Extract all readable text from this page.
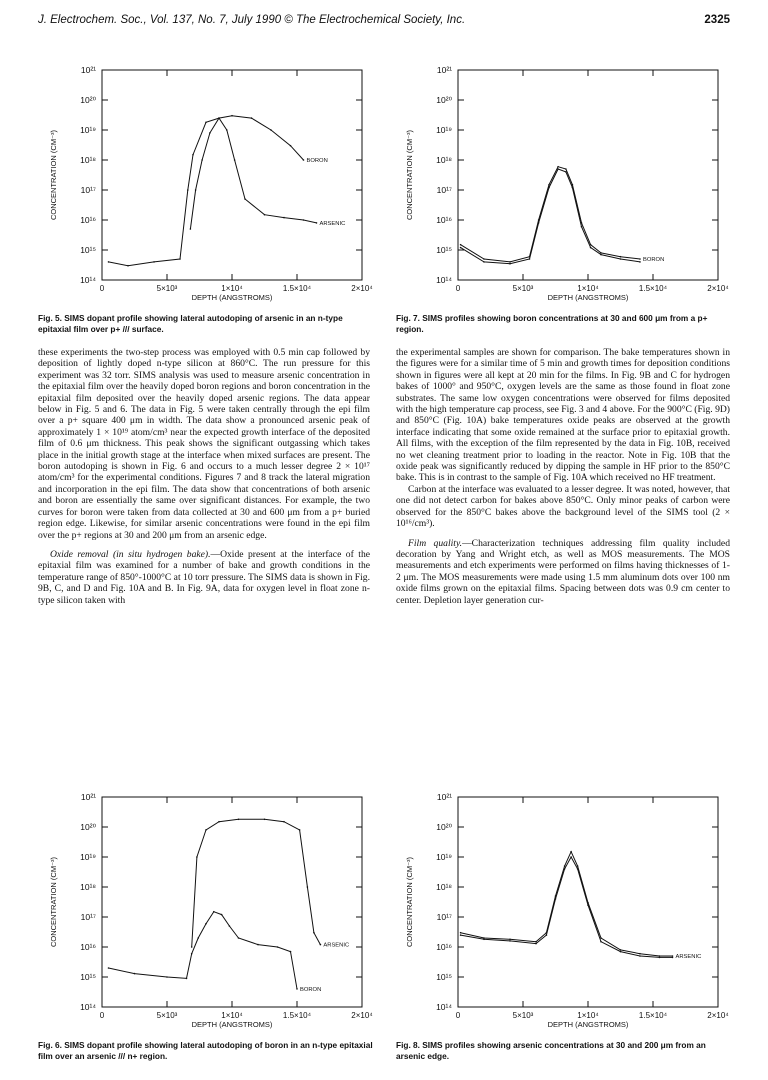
J. Electrochem. Soc., Vol. 137, No. 7, July 1990 © The Electrochemical Society, Inc.	2325
10¹⁴
10¹⁵
10¹⁶
10¹⁷
10¹⁸
10¹⁹
10²⁰
10²¹
0	5×10³	1×10⁴	1.5×10⁴	2×10⁴
DEPTH (ANGSTROMS)
CONCENTRATION (CM⁻³)	BORON
ARSENIC
Fig. 5. SIMS dopant profile showing lateral autodoping of arsenic in an n-type epitaxial film over p+ /// surface.
10¹⁴
10¹⁵
10¹⁶
10¹⁷
10¹⁸
10¹⁹
10²⁰
10²¹
0	5×10³	1×10⁴	1.5×10⁴	2×10⁴
DEPTH (ANGSTROMS)
CONCENTRATION (CM⁻³)
BORON
Fig. 7. SIMS profiles showing boron concentrations at 30 and 600 μm from a p+ region.

these experiments the two-step process was employed with 0.5 min cap followed by deposition of lightly doped n-type silicon at 860°C. The run pressure for this experiment was 32 torr. SIMS analysis was used to measure arsenic concentration in the epitaxial film over the heavily doped boron regions and boron concentration in the epitaxial film deposited over the heavily doped arsenic regions. The data appear below in Fig. 5 and 6. The data in Fig. 5 were taken centrally through the epi film over a p+ square 400 μm in width. The data show a pronounced arsenic peak of approximately 1 × 10¹⁹ atom/cm³ near the expected growth interface of the deposited film of 0.6 μm thickness. This peak shows the significant outgassing which takes place in the initial growth stage at the interface when mixed surfaces are present. The boron autodoping is shown in Fig. 6 and occurs to a much lesser degree 2 × 10¹⁷ atom/cm³ for the experimental conditions. Figures 7 and 8 track the lateral migration and incorporation in the epi film. The data show that concentrations of both arsenic and boron are essentially the same over significant distances. For example, the two curves for boron were taken from data collected at 30 and 600 μm from a p+ buried region edge. Likewise, for similar arsenic concentrations were found in the epi film over the p+ regions at 30 and 200 μm from an arsenic edge.

Oxide removal (in situ hydrogen bake).—Oxide present at the interface of the epitaxial film was examined for a number of bake and growth conditions in the temperature range of 850°-1000°C at 10 torr pressure. The SIMS data is shown in Fig. 9B, C, and D and Fig. 10A and B. In Fig. 9A, data for oxygen level in float zone n-type silicon taken with

the experimental samples are shown for comparison. The bake temperatures shown in the figures were for a similar time of 5 min and growth times for deposition conditions shown in figures were all kept at 20 min for the films. In Fig. 9B and C for hydrogen bakes of 1000° and 950°C, oxygen levels are the same as those found in float zone substrates. The same low oxygen concentrations were observed for films deposited with the high temperature cap process, see Fig. 3 and 4 above. For the 900°C (Fig. 9D) and 850°C (Fig. 10A) bake temperatures oxide peaks are observed at the growth interface indicating that some oxide remained at the surface prior to epitaxial growth. All films, with the exception of the film represented by the data in Fig. 10B, received no wet cleaning treatment prior to loading in the reactor. Note in Fig. 10B that the oxide peak was significantly reduced by dipping the sample in HF prior to the 850°C bake. This is in contrast to the sample of Fig. 10A which received no HF treatment.

Carbon at the interface was evaluated to a lesser degree. It was noted, however, that one did not detect carbon for bakes above 850°C. Only minor peaks of carbon were observed for the 850°C bakes above the background level of the SIMS tool (2 × 10¹⁶/cm³).

Film quality.—Characterization techniques addressing film quality included decoration by Yang and Wright etch, as well as MOS measurements. The MOS measurements and etch experiments were performed on films having thicknesses of 1-2 μm. The MOS measurements were made using 1.5 mm aluminum dots over 100 nm oxide films grown on the epitaxial films. Spacing between dots was 0.9 cm center to center. Depletion layer generation cur-

10¹⁴
10¹⁵
10¹⁶
10¹⁷
10¹⁸
10¹⁹
10²⁰
10²¹
0	5×10³	1×10⁴	1.5×10⁴	2×10⁴
DEPTH (ANGSTROMS)
CONCENTRATION (CM⁻³)	ARSENIC
BORON
Fig. 6. SIMS dopant profile showing lateral autodoping of boron in an n-type epitaxial film over an arsenic /// n+ region.
10¹⁴
10¹⁵
10¹⁶
10¹⁷
10¹⁸
10¹⁹
10²⁰
10²¹
0	5×10³	1×10⁴	1.5×10⁴	2×10⁴
DEPTH (ANGSTROMS)
CONCENTRATION (CM⁻³)
ARSENIC
Fig. 8. SIMS profiles showing arsenic concentrations at 30 and 200 μm from an arsenic edge.
